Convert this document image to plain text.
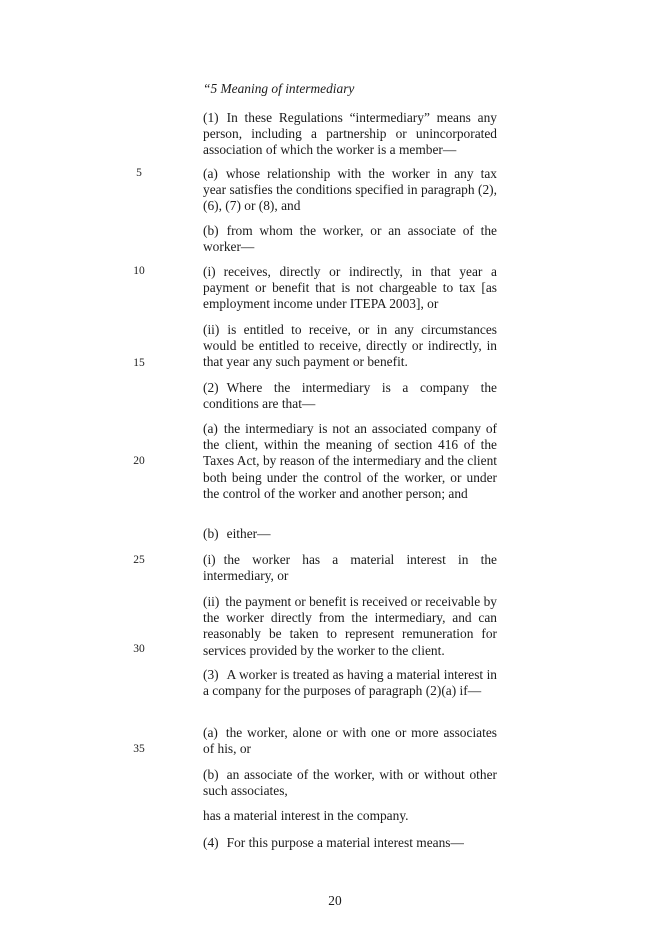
“5 Meaning of intermediary

(1) In these Regulations “intermediary” means any person, including a partnership or unincorporated association of which the worker is a member—

(a) whose relationship with the worker in any tax year satisfies the conditions specified in paragraph (2), (6), (7) or (8), and

(b) from whom the worker, or an associate of the worker—

(i) receives, directly or indirectly, in that year a payment or benefit that is not chargeable to tax [as employment income under ITEPA 2003], or

(ii) is entitled to receive, or in any circumstances would be entitled to receive, directly or indirectly, in that year any such payment or benefit.

(2) Where the intermediary is a company the conditions are that—

(a) the intermediary is not an associated company of the client, within the meaning of section 416 of the Taxes Act, by reason of the intermediary and the client both being under the control of the worker, or under the control of the worker and another person; and

(b) either—

(i) the worker has a material interest in the intermediary, or

(ii) the payment or benefit is received or receivable by the worker directly from the intermediary, and can reasonably be taken to represent remuneration for services provided by the worker to the client.

(3) A worker is treated as having a material interest in a company for the purposes of paragraph (2)(a) if—

(a) the worker, alone or with one or more associates of his, or

(b) an associate of the worker, with or without other such associates,

has a material interest in the company.

(4) For this purpose a material interest means—

5
10
15
20
25
30
35
20
